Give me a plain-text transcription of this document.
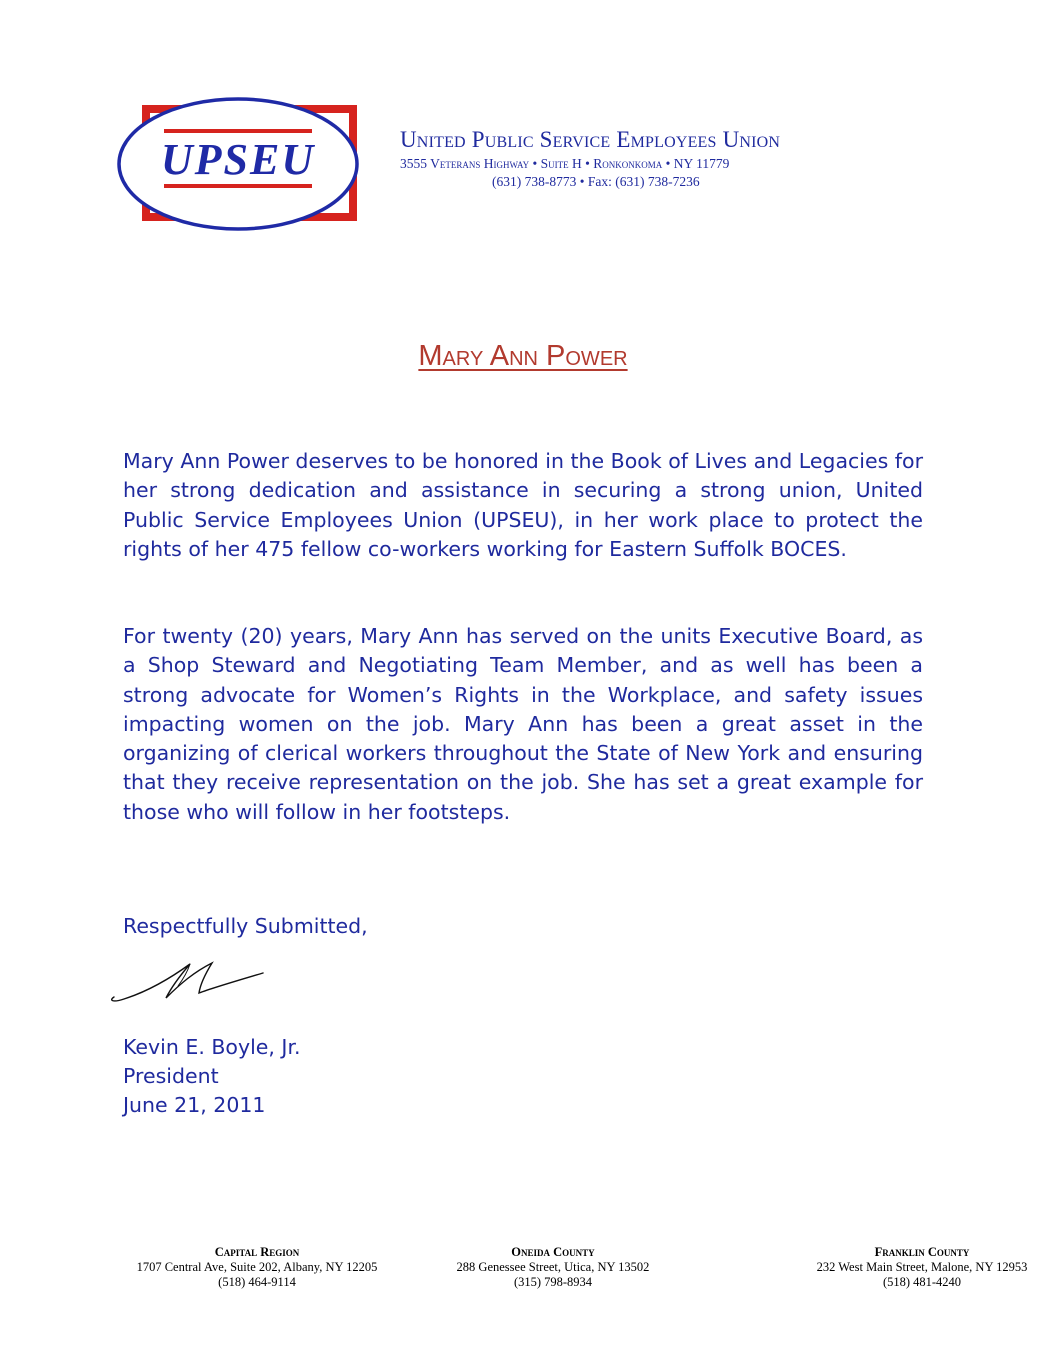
UPSEU	United Public Service Employees Union
3555 Veterans Highway • Suite H • Ronkonkoma • NY 11779
(631) 738-8773 • Fax: (631) 738-7236
Mary Ann Power
Mary Ann Power deserves to be honored in the Book of Lives and Legacies for her strong dedication and assistance in securing a strong union, United Public Service Employees Union (UPSEU), in her work place to protect the rights of her 475 fellow co-workers working for Eastern Suffolk BOCES.
For twenty (20) years, Mary Ann has served on the units Executive Board, as a Shop Steward and Negotiating Team Member, and as well has been a strong advocate for Women’s Rights in the Workplace, and safety issues impacting women on the job. Mary Ann has been a great asset in the organizing of clerical workers throughout the State of New York and ensuring that they receive representation on the job. She has set a great example for those who will follow in her footsteps.
Respectfully Submitted,
Kevin E. Boyle, Jr.
President
June 21, 2011
Capital Region
1707 Central Ave, Suite 202, Albany, NY 12205
(518) 464-9114
Oneida County
288 Genessee Street, Utica, NY 13502
(315) 798-8934
Franklin County
232 West Main Street, Malone, NY 12953
(518) 481-4240
